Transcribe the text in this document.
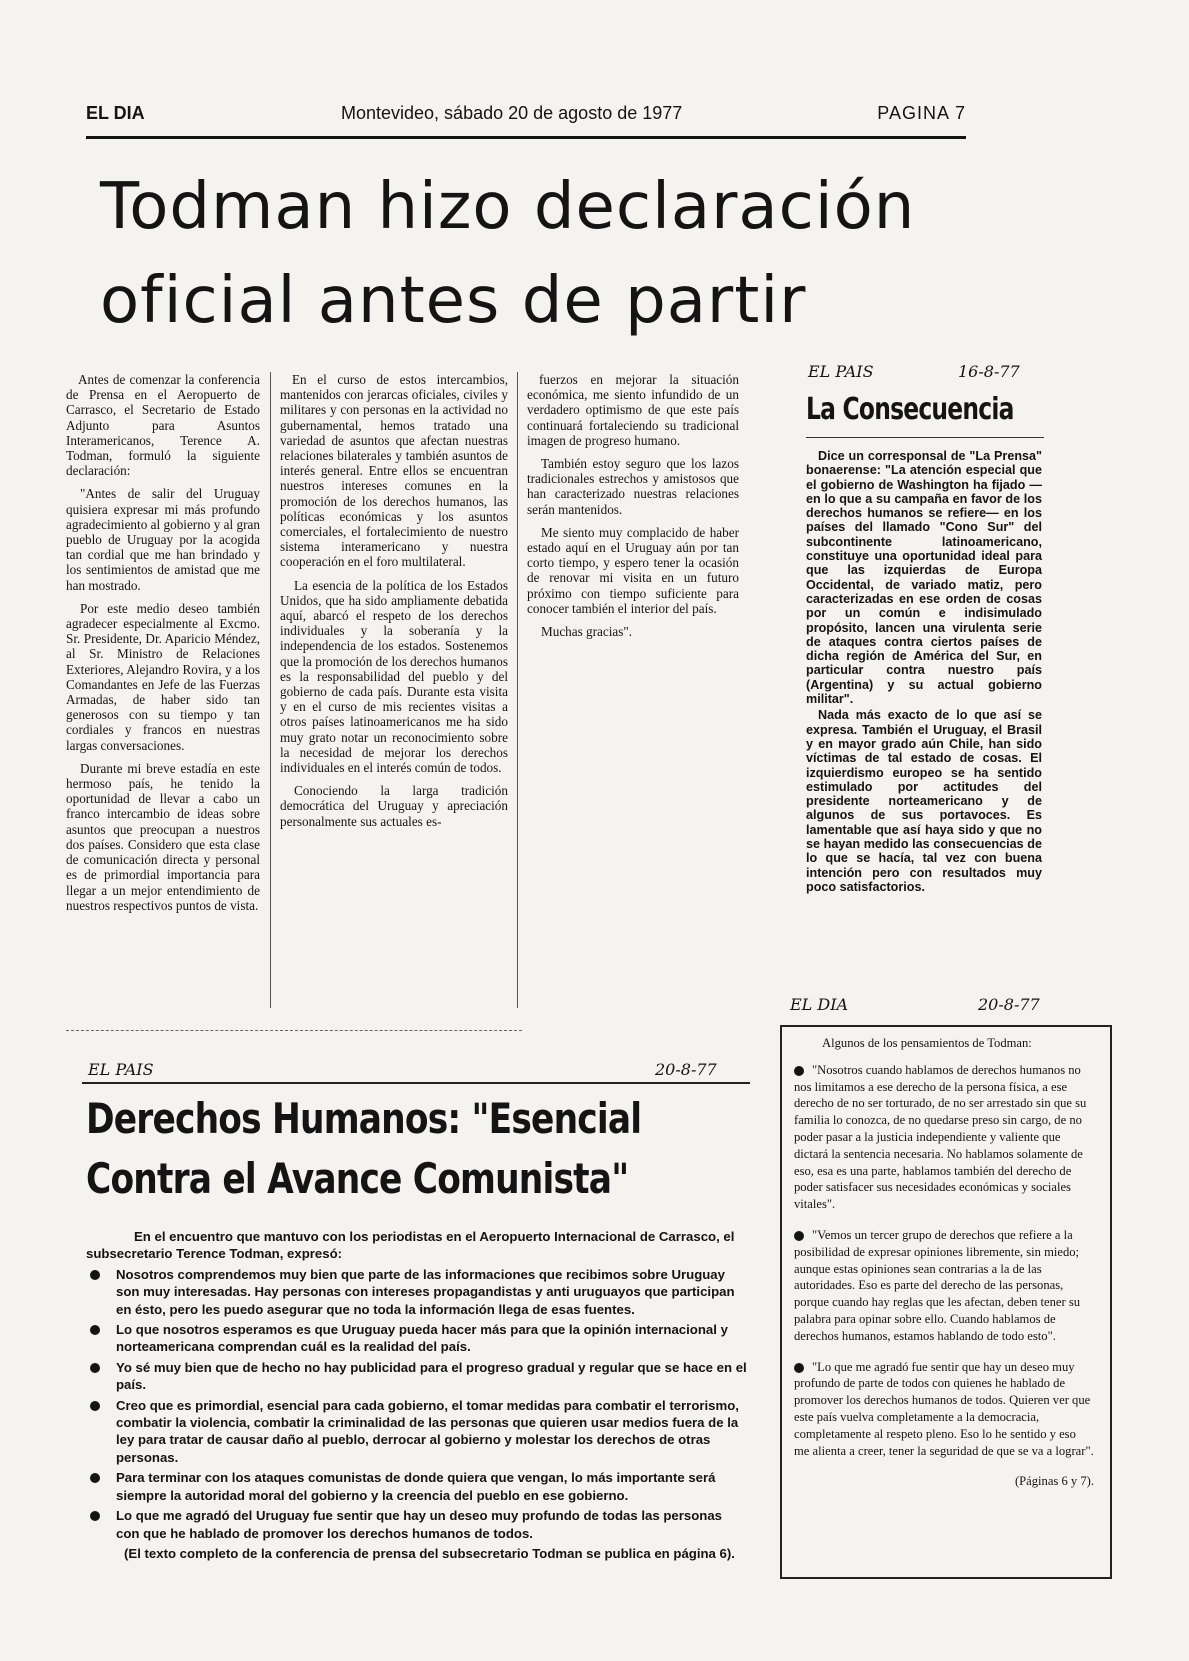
EL DIA	Montevideo, sábado 20 de agosto de 1977	PAGINA 7
Todman hizo declaración
oficial antes de partir

Antes de comenzar la conferencia de Prensa en el Aeropuerto de Carrasco, el Secretario de Estado Adjunto para Asuntos Interamericanos, Terence A. Todman, formuló la siguiente declaración:

"Antes de salir del Uruguay quisiera expresar mi más profundo agradecimiento al gobierno y al gran pueblo de Uruguay por la acogida tan cordial que me han brindado y los sentimientos de amistad que me han mostrado.

Por este medio deseo también agradecer especialmente al Excmo. Sr. Presidente, Dr. Aparicio Méndez, al Sr. Ministro de Relaciones Exteriores, Alejandro Rovira, y a los Comandantes en Jefe de las Fuerzas Armadas, de haber sido tan generosos con su tiempo y tan cordiales y francos en nuestras largas conversaciones.

Durante mi breve estadía en este hermoso país, he tenido la oportunidad de llevar a cabo un franco intercambio de ideas sobre asuntos que preocupan a nuestros dos países. Considero que esta clase de comunicación directa y personal es de primordial importancia para llegar a un mejor entendimiento de nuestros respectivos puntos de vista.

En el curso de estos intercambios, mantenidos con jerarcas oficiales, civiles y militares y con personas en la actividad no gubernamental, hemos tratado una variedad de asuntos que afectan nuestras relaciones bilaterales y también asuntos de interés general. Entre ellos se encuentran nuestros intereses comunes en la promoción de los derechos humanos, las políticas económicas y los asuntos comerciales, el fortalecimiento de nuestro sistema interamericano y nuestra cooperación en el foro multilateral.

La esencia de la política de los Estados Unidos, que ha sido ampliamente debatida aquí, abarcó el respeto de los derechos individuales y la soberanía y la independencia de los estados. Sostenemos que la promoción de los derechos humanos es la responsabilidad del pueblo y del gobierno de cada país. Durante esta visita y en el curso de mis recientes visitas a otros países latinoamericanos me ha sido muy grato notar un reconocimiento sobre la necesidad de mejorar los derechos individuales en el interés común de todos.

Conociendo la larga tradición democrática del Uruguay y apreciación personalmente sus actuales es-

fuerzos en mejorar la situación económica, me siento infundido de un verdadero optimismo de que este país continuará fortaleciendo su tradicional imagen de progreso humano.

También estoy seguro que los lazos tradicionales estrechos y amistosos que han caracterizado nuestras relaciones serán mantenidos.

Me siento muy complacido de haber estado aquí en el Uruguay aún por tan corto tiempo, y espero tener la ocasión de renovar mi visita en un futuro próximo con tiempo suficiente para conocer también el interior del país.

Muchas gracias".

EL PAIS	16-8-77
La Consecuencia

Dice un corresponsal de "La Prensa" bonaerense: "La atención especial que el gobierno de Washington ha fijado —en lo que a su campaña en favor de los derechos humanos se refiere— en los países del llamado "Cono Sur" del subcontinente latinoamericano, constituye una oportunidad ideal para que las izquierdas de Europa Occidental, de variado matiz, pero caracterizadas en ese orden de cosas por un común e indisimulado propósito, lancen una virulenta serie de ataques contra ciertos países de dicha región de América del Sur, en particular contra nuestro país (Argentina) y su actual gobierno militar".

Nada más exacto de lo que así se expresa. También el Uruguay, el Brasil y en mayor grado aún Chile, han sido víctimas de tal estado de cosas. El izquierdismo europeo se ha sentido estimulado por actitudes del presidente norteamericano y de algunos de sus portavoces. Es lamentable que así haya sido y que no se hayan medido las consecuencias de lo que se hacía, tal vez con buena intención pero con resultados muy poco satisfactorios.

EL DIA	20-8-77

Algunos de los pensamientos de Todman:

"Nosotros cuando hablamos de derechos humanos no nos limitamos a ese derecho de la persona física, a ese derecho de no ser torturado, de no ser arrestado sin que su familia lo conozca, de no quedarse preso sin cargo, de no poder pasar a la justicia independiente y valiente que dictará la sentencia necesaria. No hablamos solamente de eso, esa es una parte, hablamos también del derecho de poder satisfacer sus necesidades económicas y sociales vitales".

"Vemos un tercer grupo de derechos que refiere a la posibilidad de expresar opiniones libremente, sin miedo; aunque estas opiniones sean contrarias a la de las autoridades. Eso es parte del derecho de las personas, porque cuando hay reglas que les afectan, deben tener su palabra para opinar sobre ello. Cuando hablamos de derechos humanos, estamos hablando de todo esto".

"Lo que me agradó fue sentir que hay un deseo muy profundo de parte de todos con quienes he hablado de promover los derechos humanos de todos. Quieren ver que este país vuelva completamente a la democracia, completamente al respeto pleno. Eso lo he sentido y eso me alienta a creer, tener la seguridad de que se va a lograr".

(Páginas 6 y 7).

EL PAIS	20-8-77
Derechos Humanos: "Esencial
Contra el Avance Comunista"
En el encuentro que mantuvo con los periodistas en el Aeropuerto Internacional de Carrasco, el subsecretario Terence Todman, expresó:
Nosotros comprendemos muy bien que parte de las informaciones que recibimos sobre Uruguay son muy interesadas. Hay personas con intereses propagandistas y anti uruguayos que participan en ésto, pero les puedo asegurar que no toda la información llega de esas fuentes.
Lo que nosotros esperamos es que Uruguay pueda hacer más para que la opinión internacional y norteamericana comprendan cuál es la realidad del país.
Yo sé muy bien que de hecho no hay publicidad para el progreso gradual y regular que se hace en el país.
Creo que es primordial, esencial para cada gobierno, el tomar medidas para combatir el terrorismo, combatir la violencia, combatir la criminalidad de las personas que quieren usar medios fuera de la ley para tratar de causar daño al pueblo, derrocar al gobierno y molestar los derechos de otras personas.
Para terminar con los ataques comunistas de donde quiera que vengan, lo más importante será siempre la autoridad moral del gobierno y la creencia del pueblo en ese gobierno.
Lo que me agradó del Uruguay fue sentir que hay un deseo muy profundo de todas las personas con que he hablado de promover los derechos humanos de todos.
(El texto completo de la conferencia de prensa del subsecretario Todman se publica en página 6).
